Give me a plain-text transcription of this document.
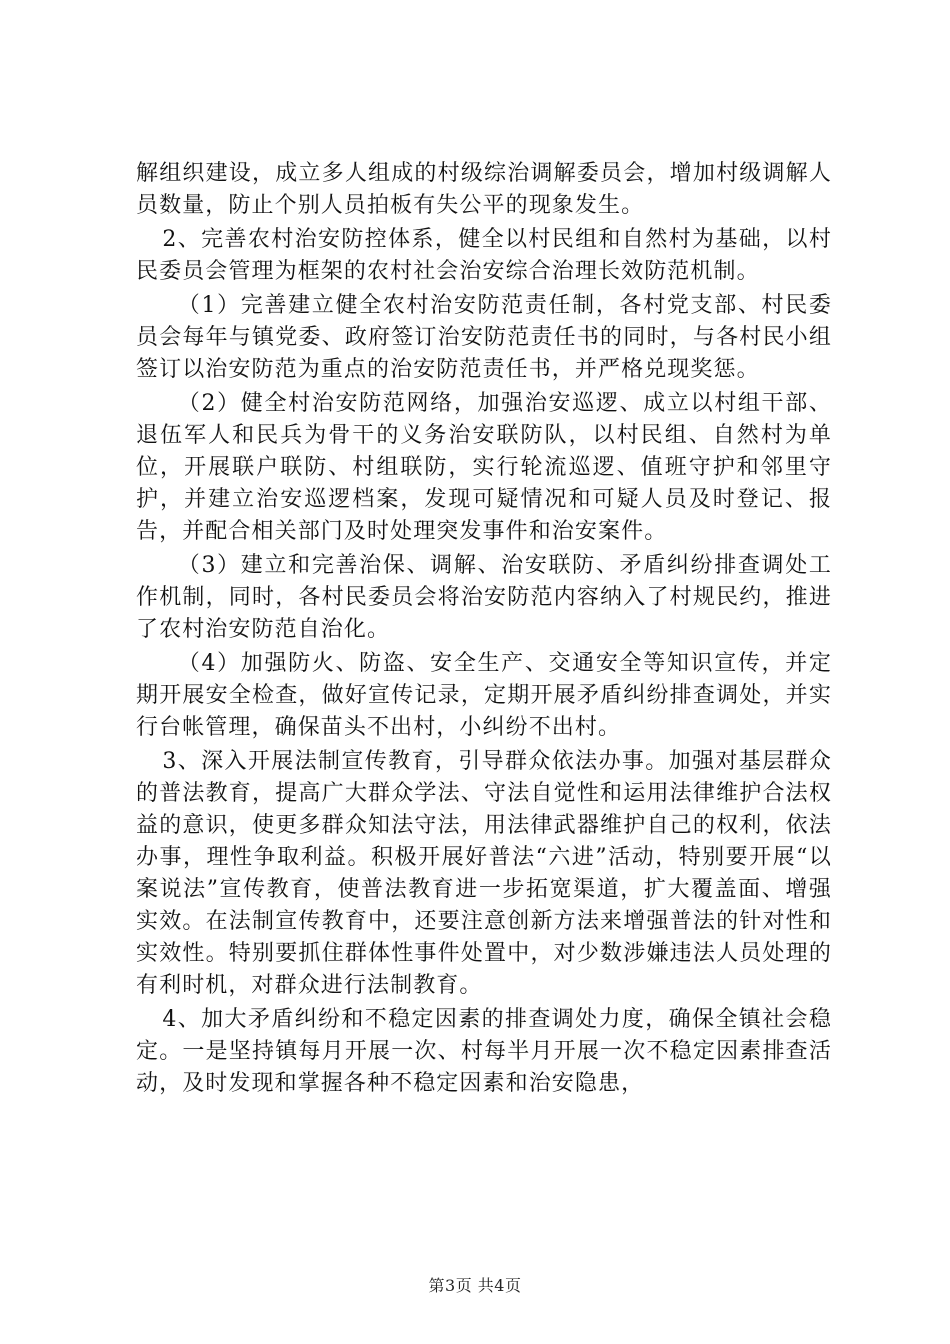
解组织建设，成立多人组成的村级综治调解委员会，增加村级调解人员数量，防止个别人员拍板有失公平的现象发生。

2、完善农村治安防控体系，健全以村民组和自然村为基础，以村民委员会管理为框架的农村社会治安综合治理长效防范机制。

（1）完善建立健全农村治安防范责任制，各村党支部、村民委员会每年与镇党委、政府签订治安防范责任书的同时，与各村民小组签订以治安防范为重点的治安防范责任书，并严格兑现奖惩。

（2）健全村治安防范网络，加强治安巡逻、成立以村组干部、退伍军人和民兵为骨干的义务治安联防队，以村民组、自然村为单位，开展联户联防、村组联防，实行轮流巡逻、值班守护和邻里守护，并建立治安巡逻档案，发现可疑情况和可疑人员及时登记、报告，并配合相关部门及时处理突发事件和治安案件。

（3）建立和完善治保、调解、治安联防、矛盾纠纷排查调处工作机制，同时，各村民委员会将治安防范内容纳入了村规民约，推进了农村治安防范自治化。

（4）加强防火、防盗、安全生产、交通安全等知识宣传，并定期开展安全检查，做好宣传记录，定期开展矛盾纠纷排查调处，并实行台帐管理，确保苗头不出村，小纠纷不出村。

3、深入开展法制宣传教育，引导群众依法办事。加强对基层群众的普法教育，提高广大群众学法、守法自觉性和运用法律维护合法权益的意识，使更多群众知法守法，用法律武器维护自己的权利，依法办事，理性争取利益。积极开展好普法“六进”活动，特别要开展“以案说法”宣传教育，使普法教育进一步拓宽渠道，扩大覆盖面、增强实效。在法制宣传教育中，还要注意创新方法来增强普法的针对性和实效性。特别要抓住群体性事件处置中，对少数涉嫌违法人员处理的有利时机，对群众进行法制教育。

4、加大矛盾纠纷和不稳定因素的排查调处力度，确保全镇社会稳定。一是坚持镇每月开展一次、村每半月开展一次不稳定因素排查活动，及时发现和掌握各种不稳定因素和治安隐患，

第3页 共4页
